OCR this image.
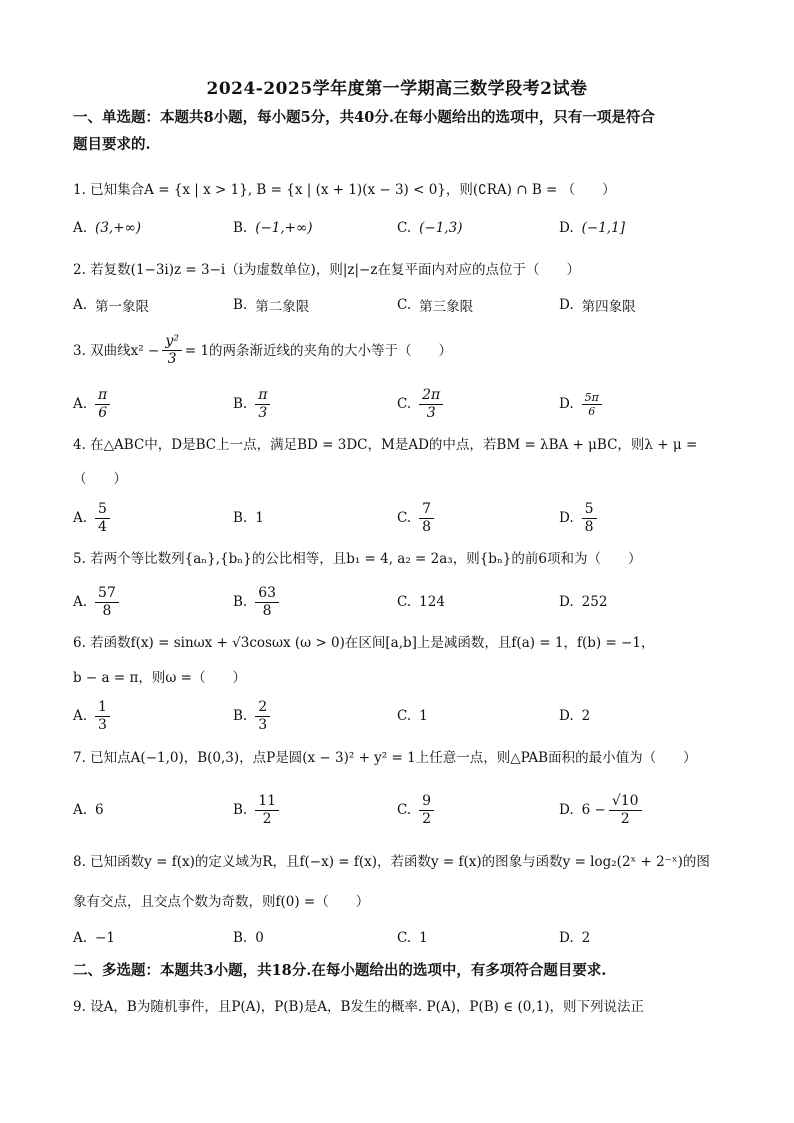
2024-2025学年度第一学期高三数学段考2试卷
一、单选题：本题共8小题，每小题5分，共40分.在每小题给出的选项中，只有一项是符合
题目要求的.
1. 已知集合A = {x | x > 1}, B = {x | (x + 1)(x − 3) < 0}，则(∁RA) ∩ B = （　　）
A. (3,+∞)	B. (−1,+∞)	C. (−1,3)	D. (−1,1]
2. 若复数(1−3i)z = 3−i（i为虚数单位)，则|z|−z在复平面内对应的点位于（　　）
A. 第一象限	B. 第二象限	C. 第三象限	D. 第四象限
3. 双曲线$x^2 - \frac{\text{y²}}{3} = 1$的两条渐近线的夹角的大小等于（　　）
A. $\frac{\pi}{6}$	B. $\frac{\pi}{3}$	C. $\frac{2\pi}{3}$	D. $\frac{5\pi}{6}$
4. 在△ABC中，D是BC上一点，满足BD = 3DC，M是AD的中点，若BM = λBA + μBC，则λ + μ =
（　　）
A. $\frac{5}{4}$	B. 1	C. $\frac{7}{8}$	D. $\frac{5}{8}$
5. 若两个等比数列{aₙ},{bₙ}的公比相等，且b₁ = 4, a₂ = 2a₃，则{bₙ}的前6项和为（　　）
A. $\frac{57}{8}$	B. $\frac{63}{8}$	C. 124	D. 252
6. 若函数f(x) = sinωx + √3cosωx (ω > 0)在区间[a,b]上是减函数，且f(a) = 1，f(b) = −1，
b − a = π，则ω =（　　）
A. $\frac{1}{3}$	B. $\frac{2}{3}$	C. 1	D. 2
7. 已知点A(−1,0)，B(0,3)，点P是圆(x − 3)² + y² = 1上任意一点，则△PAB面积的最小值为（　　）
A. 6	B. $\frac{11}{2}$	C. $\frac{9}{2}$	D. $6 - \frac{√10}{2}$
8. 已知函数y = f(x)的定义域为R，且f(−x) = f(x)，若函数y = f(x)的图象与函数y = log₂(2ˣ + 2⁻ˣ)的图
象有交点，且交点个数为奇数，则f(0) =（　　）
A. −1	B. 0	C. 1	D. 2
二、多选题：本题共3小题，共18分.在每小题给出的选项中，有多项符合题目要求.
9. 设A，B为随机事件，且P(A)，P(B)是A，B发生的概率. P(A)，P(B) ∈ (0,1)，则下列说法正
